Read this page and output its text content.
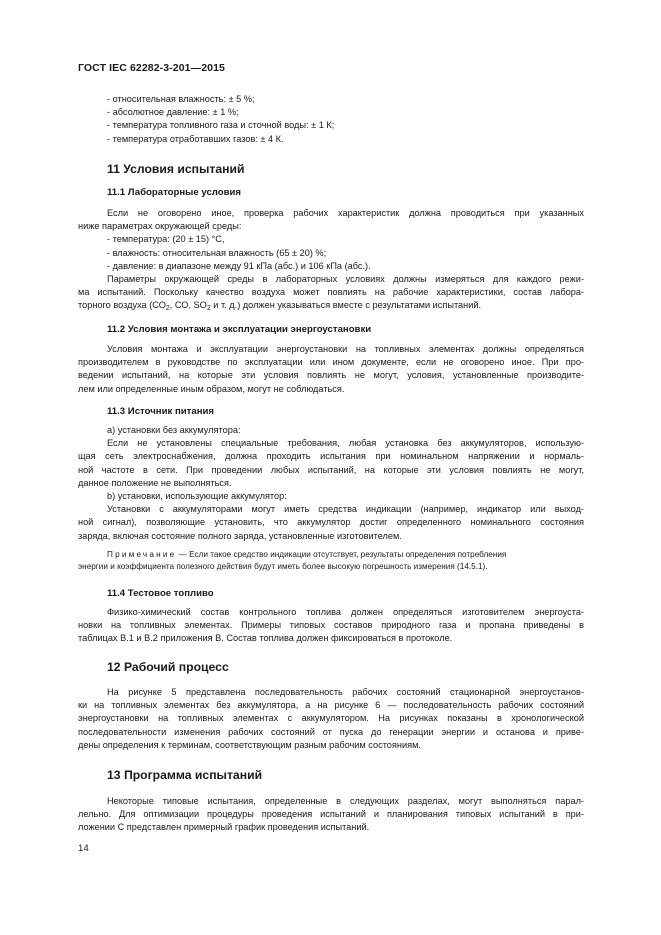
ГОСТ IEC 62282-3-201—2015
- относительная влажность: ± 5 %;
- абсолютное давление: ± 1 %;
- температура топливного газа и сточной воды: ± 1 К;
- температура отработавших газов: ± 4 К.
11 Условия испытаний
11.1 Лабораторные условия
Если не оговорено иное, проверка рабочих характеристик должна проводиться при указанных
ниже параметрах окружающей среды:
- температура: (20 ± 15) °С,
- влажность: относительная влажность (65 ± 20) %;
- давление: в диапазоне между 91 кПа (абс.) и 106 кПа (абс.).
Параметры окружающей среды в лабораторных условиях должны измеряться для каждого режи-
ма испытаний. Поскольку качество воздуха может повлиять на рабочие характеристики, состав лабора-
торного воздуха ($СО_2$, СО, $SO_2$ и т. д.) должен указываться вместе с результатами испытаний.
11.2 Условия монтажа и эксплуатации энергоустановки
Условия монтажа и эксплуатации энергоустановки на топливных элементах должны определяться
производителем в руководстве по эксплуатации или ином документе, если не оговорено иное. При про-
ведении испытаний, на которые эти условия повлиять не могут, условия, установленные производите-
лем или определенные иным образом, могут не соблюдаться.
11.3 Источник питания
а) установки без аккумулятора:
Если не установлены специальные требования, любая установка без аккумуляторов, использую-
щая сеть электроснабжения, должна проходить испытания при номинальном напряжении и нормаль-
ной частоте в сети. При проведении любых испытаний, на которые эти условия повлиять не могут,
данное положение не выполняться.
b) установки, использующие аккумулятор:
Установки с аккумуляторами могут иметь средства индикации (например, индикатор или выход-
ной сигнал), позволяющие установить, что аккумулятор достиг определенного номинального состояния
заряда, включая состояние полного заряда, установленные изготовителем.
Примечание — Если такое средство индикации отсутствует, результаты определения потребления
энергии и коэффициента полезного действия будут иметь более высокую погрешность измерения (14.5.1).
11.4 Тестовое топливо
Физико-химический состав контрольного топлива должен определяться изготовителем энергоуста-
новки на топливных элементах. Примеры типовых составов природного газа и пропана приведены в
таблицах В.1 и В.2 приложения В. Состав топлива должен фиксироваться в протоколе.
12 Рабочий процесс
На рисунке 5 представлена последовательность рабочих состояний стационарной энергоустанов-
ки на топливных элементах без аккумулятора, а на рисунке 6 — последовательность рабочих состояний
энергоустановки на топливных элементах с аккумулятором. На рисунках показаны в хронологической
последовательности изменения рабочих состояний от пуска до генерации энергии и останова и приве-
дены определения к терминам, соответствующим разным рабочим состояниям.
13 Программа испытаний
Некоторые типовые испытания, определенные в следующих разделах, могут выполняться парал-
лельно. Для оптимизации процедуры проведения испытаний и планирования типовых испытаний в при-
ложении С представлен примерный график проведения испытаний.
14
